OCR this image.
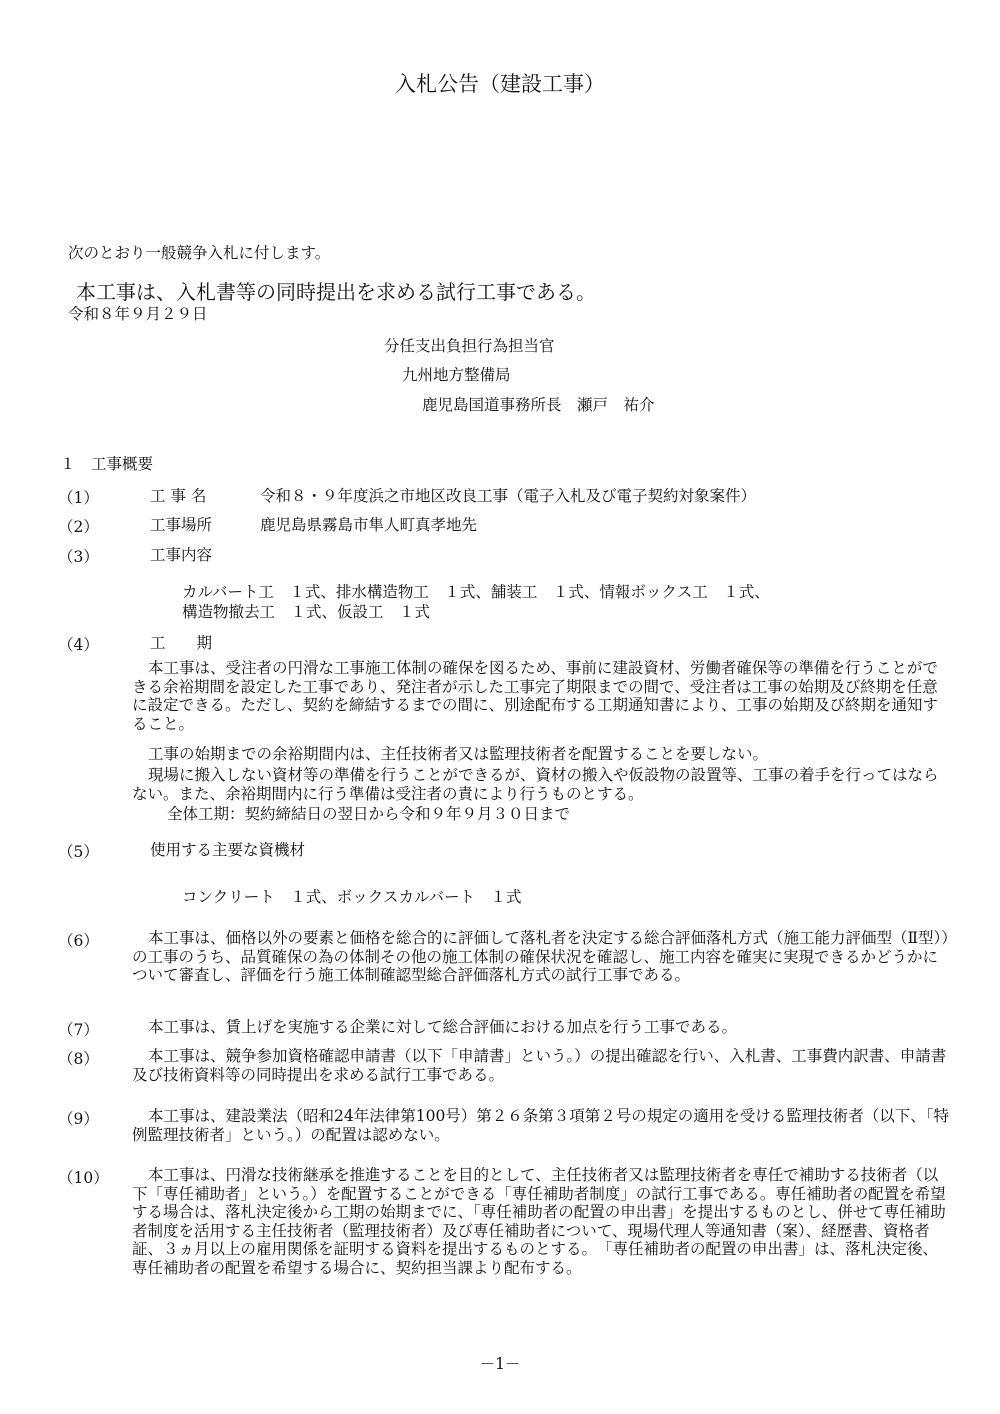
入札公告（建設工事）
次のとおり一般競争入札に付します。
本工事は、入札書等の同時提出を求める試行工事である。
令和８年９月２９日
分任支出負担行為担当官
九州地方整備局
鹿児島国道事務所長　瀬戸　祐介
１　工事概要
（1）	工 事 名	令和８・９年度浜之市地区改良工事（電子入札及び電子契約対象案件）
（2）	工事場所	鹿児島県霧島市隼人町真孝地先
（3）	工事内容
カルバート工　１式、排水構造物工　１式、舗装工　１式、情報ボックス工　１式、
構造物撤去工　１式、仮設工　１式
（4）	工　　期
本工事は、受注者の円滑な工事施工体制の確保を図るため、事前に建設資材、労働者確保等の準備を行うことができる余裕期間を設定した工事であり、発注者が示した工事完了期限までの間で、受注者は工事の始期及び終期を任意に設定できる。ただし、契約を締結するまでの間に、別途配布する工期通知書により、工事の始期及び終期を通知すること。
工事の始期までの余裕期間内は、主任技術者又は監理技術者を配置することを要しない。
現場に搬入しない資材等の準備を行うことができるが、資材の搬入や仮設物の設置等、工事の着手を行ってはならない。また、余裕期間内に行う準備は受注者の責により行うものとする。
全体工期：契約締結日の翌日から令和９年９月３０日まで
（5）	使用する主要な資機材
コンクリート　１式、ボックスカルバート　１式
（6）	本工事は、価格以外の要素と価格を総合的に評価して落札者を決定する総合評価落札方式（施工能力評価型（Ⅱ型））の工事のうち、品質確保の為の体制その他の施工体制の確保状況を確認し、施工内容を確実に実現できるかどうかについて審査し、評価を行う施工体制確認型総合評価落札方式の試行工事である。
（7）	本工事は、賃上げを実施する企業に対して総合評価における加点を行う工事である。
（8）	本工事は、競争参加資格確認申請書（以下「申請書」という。）の提出確認を行い、入札書、工事費内訳書、申請書及び技術資料等の同時提出を求める試行工事である。
（9）	本工事は、建設業法（昭和24年法律第100号）第２６条第３項第２号の規定の適用を受ける監理技術者（以下、「特例監理技術者」という。）の配置は認めない。
（10）	本工事は、円滑な技術継承を推進することを目的として、主任技術者又は監理技術者を専任で補助する技術者（以下「専任補助者」という。）を配置することができる「専任補助者制度」の試行工事である。専任補助者の配置を希望する場合は、落札決定後から工期の始期までに、「専任補助者の配置の申出書」を提出するものとし、併せて専任補助者制度を活用する主任技術者（監理技術者）及び専任補助者について、現場代理人等通知書（案）、経歴書、資格者証、３ヵ月以上の雇用関係を証明する資料を提出するものとする。　「専任補助者の配置の申出書」は、落札決定後、専任補助者の配置を希望する場合に、契約担当課より配布する。
－1－
